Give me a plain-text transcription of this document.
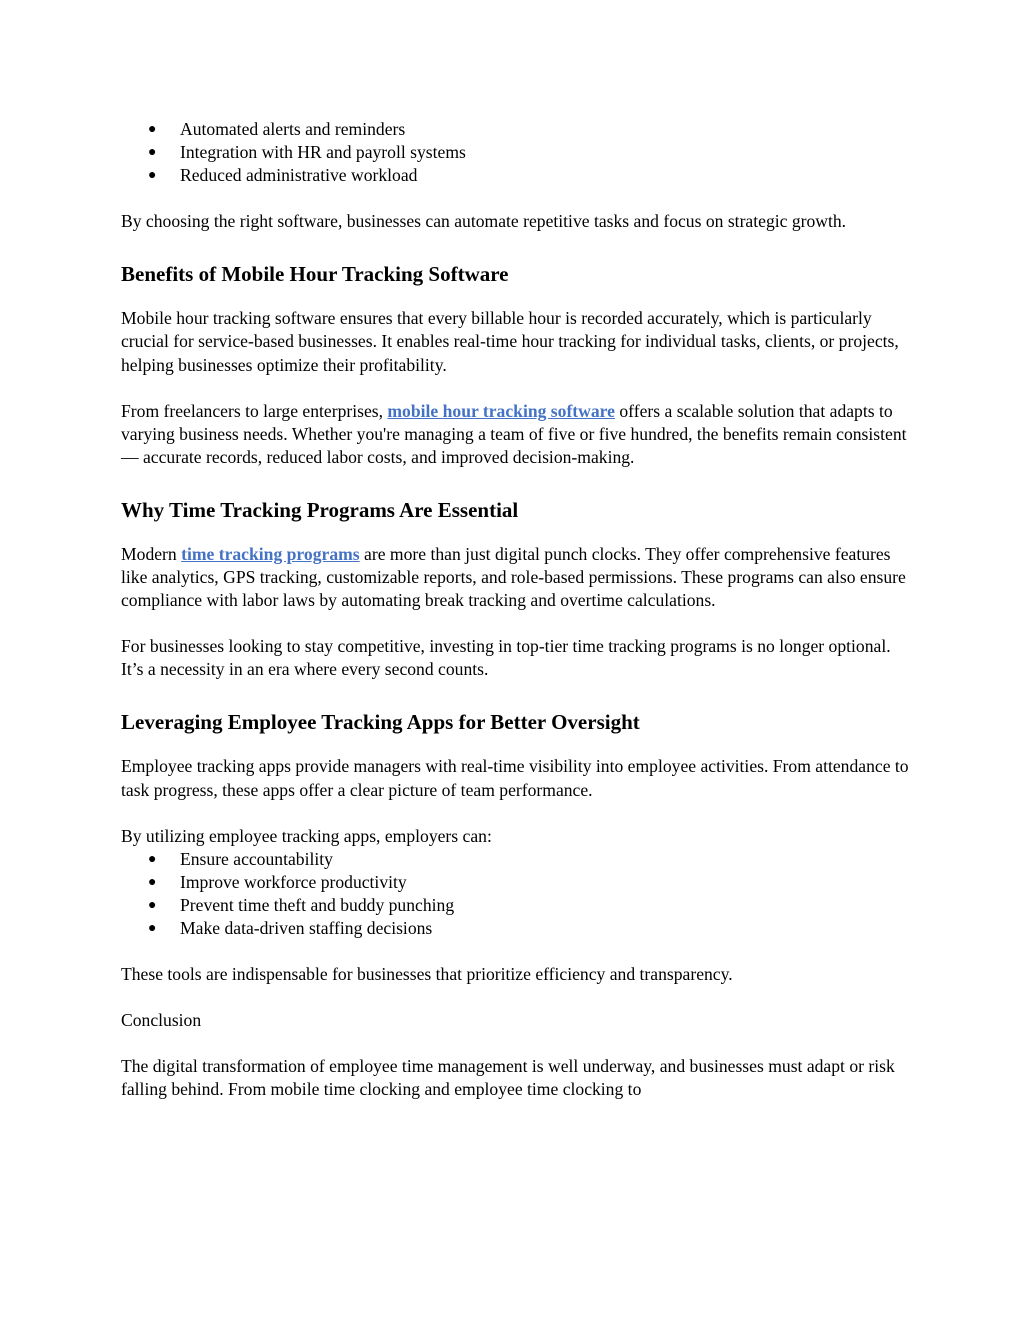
● Automated alerts and reminders
● Integration with HR and payroll systems
● Reduced administrative workload

By choosing the right software, businesses can automate repetitive tasks and focus on strategic growth.

Benefits of Mobile Hour Tracking Software

Mobile hour tracking software ensures that every billable hour is recorded accurately, which is particularly crucial for service-based businesses. It enables real-time hour tracking for individual tasks, clients, or projects, helping businesses optimize their profitability.

From freelancers to large enterprises, mobile hour tracking software offers a scalable solution that adapts to varying business needs. Whether you're managing a team of five or five hundred, the benefits remain consistent — accurate records, reduced labor costs, and improved decision-making.

Why Time Tracking Programs Are Essential

Modern time tracking programs are more than just digital punch clocks. They offer comprehensive features like analytics, GPS tracking, customizable reports, and role-based permissions. These programs can also ensure compliance with labor laws by automating break tracking and overtime calculations.

For businesses looking to stay competitive, investing in top-tier time tracking programs is no longer optional. It’s a necessity in an era where every second counts.

Leveraging Employee Tracking Apps for Better Oversight

Employee tracking apps provide managers with real-time visibility into employee activities. From attendance to task progress, these apps offer a clear picture of team performance.

By utilizing employee tracking apps, employers can:

● Ensure accountability
● Improve workforce productivity
● Prevent time theft and buddy punching
● Make data-driven staffing decisions

These tools are indispensable for businesses that prioritize efficiency and transparency.

Conclusion

The digital transformation of employee time management is well underway, and businesses must adapt or risk falling behind. From mobile time clocking and employee time clocking to
